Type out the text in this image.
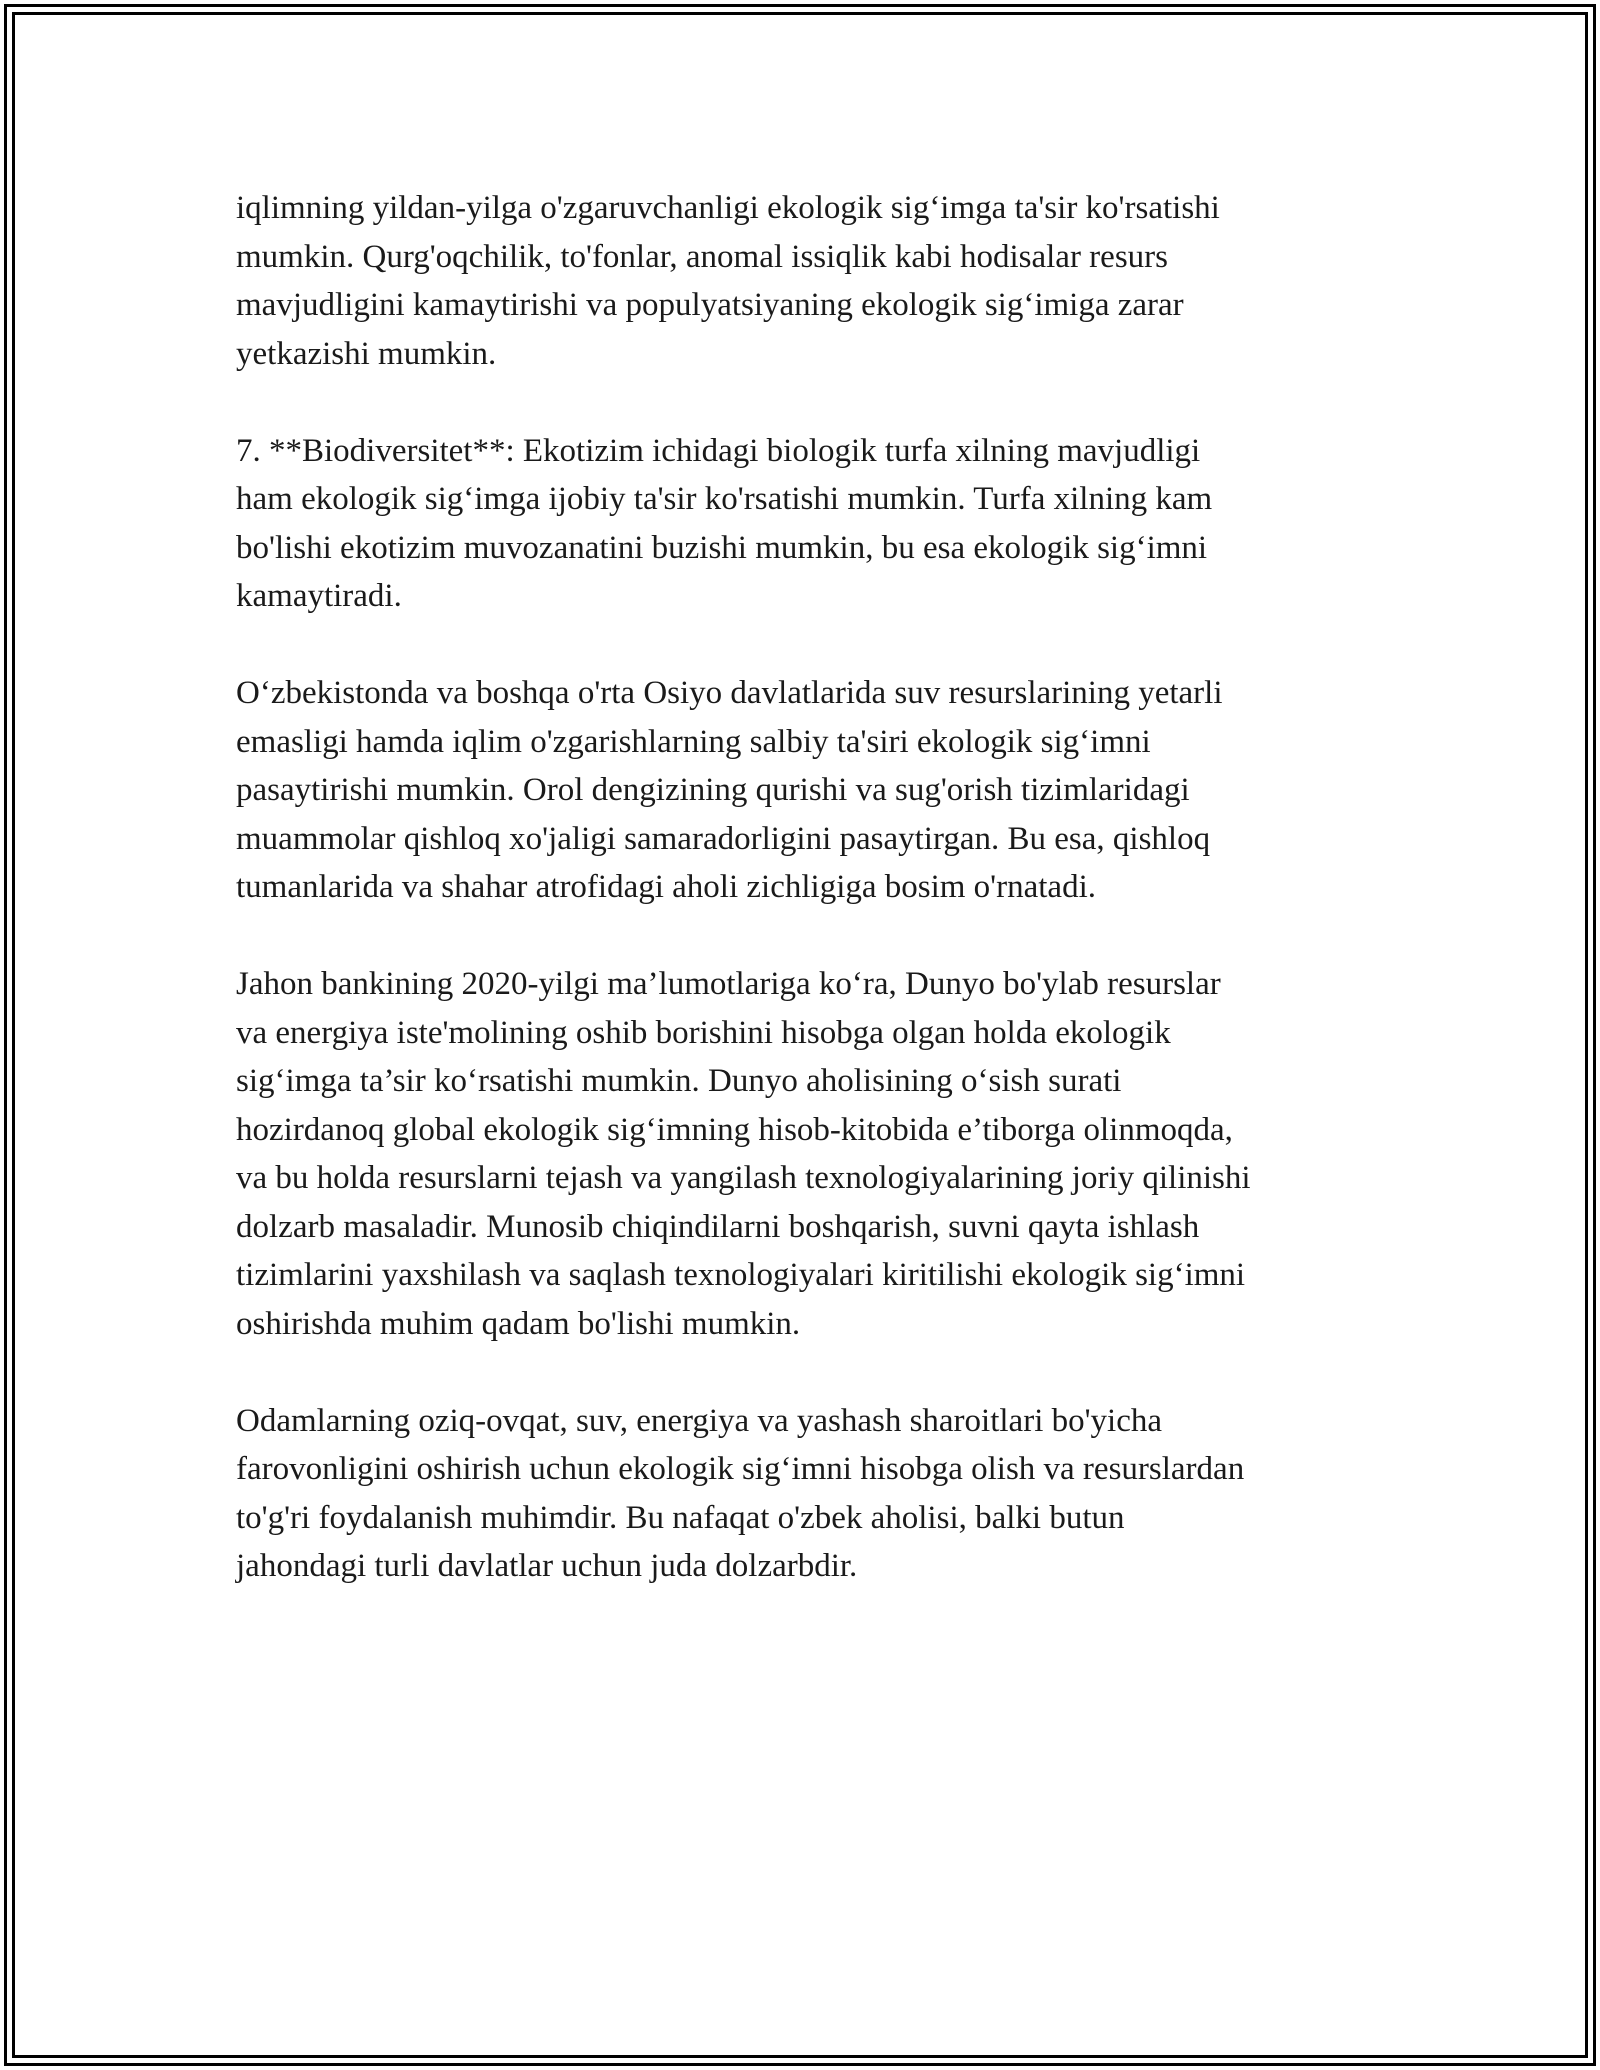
iqlimning yildan-yilga o'zgaruvchanligi ekologik sig‘imga ta'sir ko'rsatishi
mumkin. Qurg'oqchilik, to'fonlar, anomal issiqlik kabi hodisalar resurs
mavjudligini kamaytirishi va populyatsiyaning ekologik sig‘imiga zarar
yetkazishi mumkin.

7. **Biodiversitet**: Ekotizim ichidagi biologik turfa xilning mavjudligi
ham ekologik sig‘imga ijobiy ta'sir ko'rsatishi mumkin. Turfa xilning kam
bo'lishi ekotizim muvozanatini buzishi mumkin, bu esa ekologik sig‘imni
kamaytiradi.

O‘zbekistonda va boshqa o'rta Osiyo davlatlarida suv resurslarining yetarli
emasligi hamda iqlim o'zgarishlarning salbiy ta'siri ekologik sig‘imni
pasaytirishi mumkin. Orol dengizining qurishi va sug'orish tizimlaridagi
muammolar qishloq xo'jaligi samaradorligini pasaytirgan. Bu esa, qishloq
tumanlarida va shahar atrofidagi aholi zichligiga bosim o'rnatadi.

Jahon bankining 2020-yilgi ma’lumotlariga ko‘ra, Dunyo bo'ylab resurslar
va energiya iste'molining oshib borishini hisobga olgan holda ekologik
sig‘imga ta’sir ko‘rsatishi mumkin. Dunyo aholisining o‘sish surati
hozirdanoq global ekologik sig‘imning hisob-kitobida e’tiborga olinmoqda,
va bu holda resurslarni tejash va yangilash texnologiyalarining joriy qilinishi
dolzarb masaladir. Munosib chiqindilarni boshqarish, suvni qayta ishlash
tizimlarini yaxshilash va saqlash texnologiyalari kiritilishi ekologik sig‘imni
oshirishda muhim qadam bo'lishi mumkin.

Odamlarning oziq-ovqat, suv, energiya va yashash sharoitlari bo'yicha
farovonligini oshirish uchun ekologik sig‘imni hisobga olish va resurslardan
to'g'ri foydalanish muhimdir. Bu nafaqat o'zbek aholisi, balki butun
jahondagi turli davlatlar uchun juda dolzarbdir.
